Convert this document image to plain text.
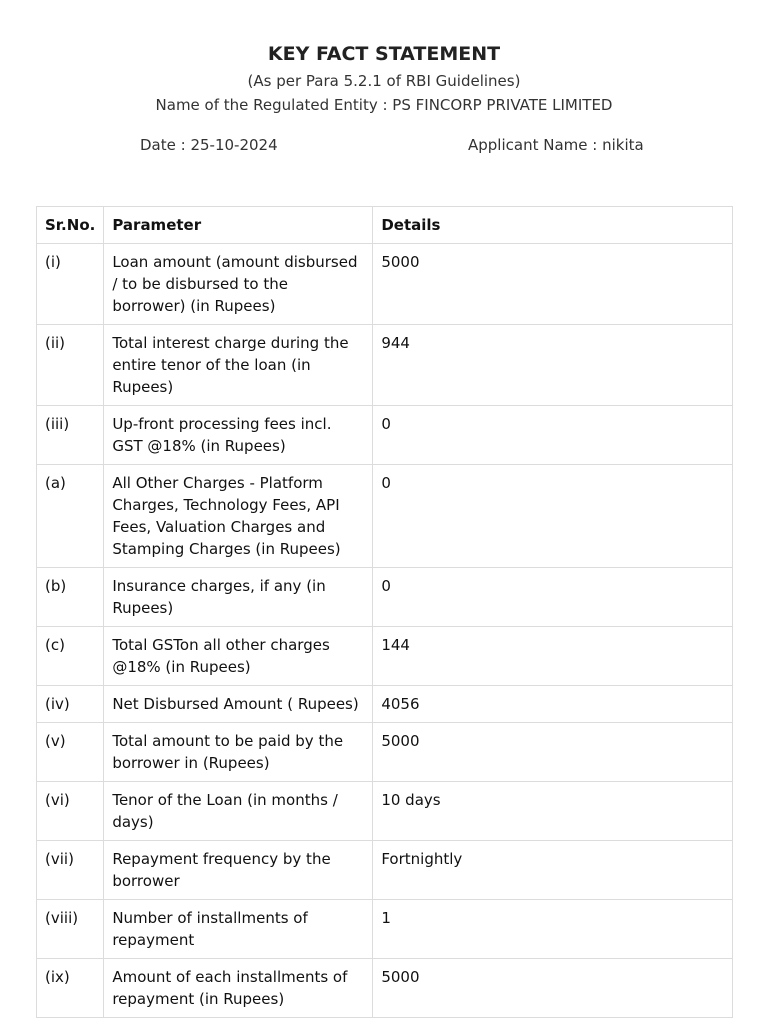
KEY FACT STATEMENT
(As per Para 5.2.1 of RBI Guidelines)
Name of the Regulated Entity : PS FINCORP PRIVATE LIMITED
Date : 25-10-2024	Applicant Name : nikita
Sr.No.	Parameter	Details
(i)	Loan amount (amount disbursed / to be disbursed to the borrower) (in Rupees)	5000
(ii)	Total interest charge during the entire tenor of the loan (in Rupees)	944
(iii)	Up-front processing fees incl. GST @18% (in Rupees)	0
(a)	All Other Charges - Platform Charges, Technology Fees, API Fees, Valuation Charges and Stamping Charges (in Rupees)	0
(b)	Insurance charges, if any (in Rupees)	0
(c)	Total GSTon all other charges @18% (in Rupees)	144
(iv)	Net Disbursed Amount ( Rupees)	4056
(v)	Total amount to be paid by the borrower in (Rupees)	5000
(vi)	Tenor of the Loan (in months / days)	10 days
(vii)	Repayment frequency by the borrower	Fortnightly
(viii)	Number of installments of repayment	1
(ix)	Amount of each installments of repayment (in Rupees)	5000
